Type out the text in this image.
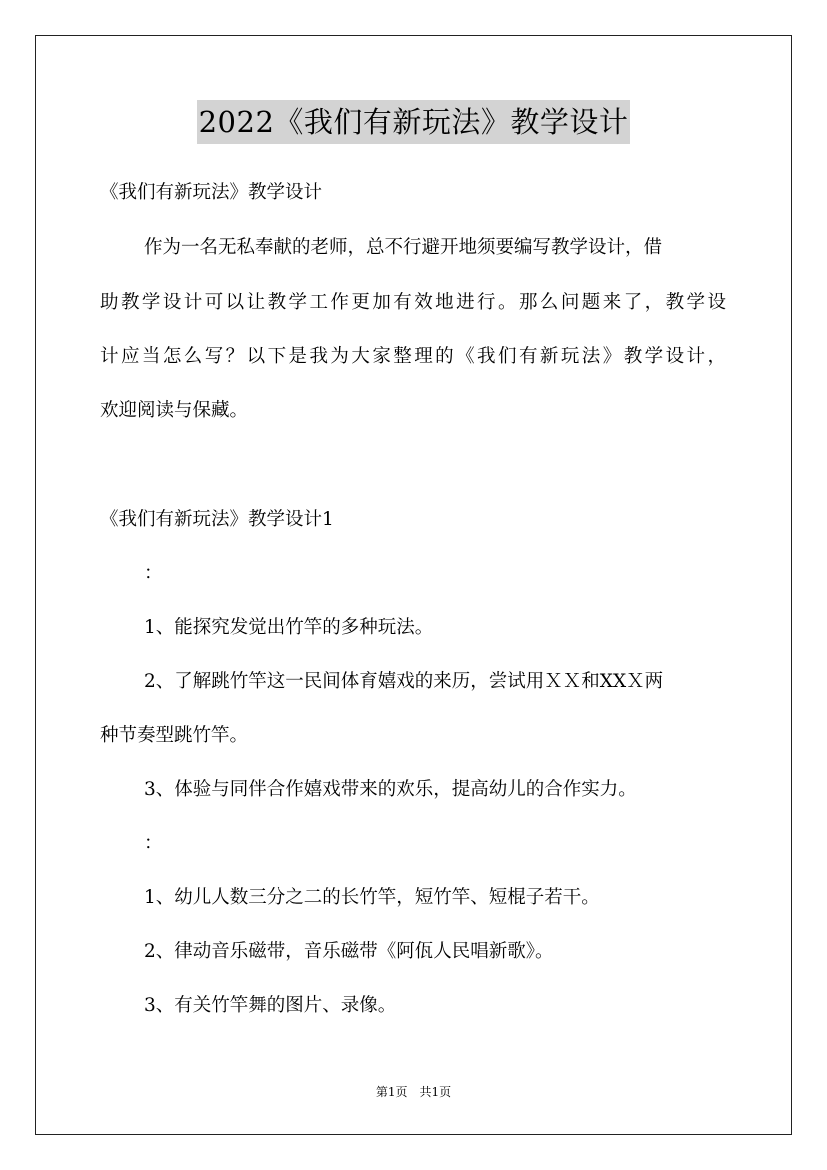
2022《我们有新玩法》教学设计
《我们有新玩法》教学设计
作为一名无私奉献的老师，总不行避开地须要编写教学设计，借
助教学设计可以让教学工作更加有效地进行。那么问题来了，教学设
计应当怎么写？以下是我为大家整理的《我们有新玩法》教学设计，
欢迎阅读与保藏。
《我们有新玩法》教学设计1
：
1、能探究发觉出竹竿的多种玩法。
2、了解跳竹竿这一民间体育嬉戏的来历，尝试用ＸＸ和XXＸ两
种节奏型跳竹竿。
3、体验与同伴合作嬉戏带来的欢乐，提高幼儿的合作实力。
：
1、幼儿人数三分之二的长竹竿，短竹竿、短棍子若干。
2、律动音乐磁带，音乐磁带《阿佤人民唱新歌》。
3、有关竹竿舞的图片、录像。
第1页　共1页
